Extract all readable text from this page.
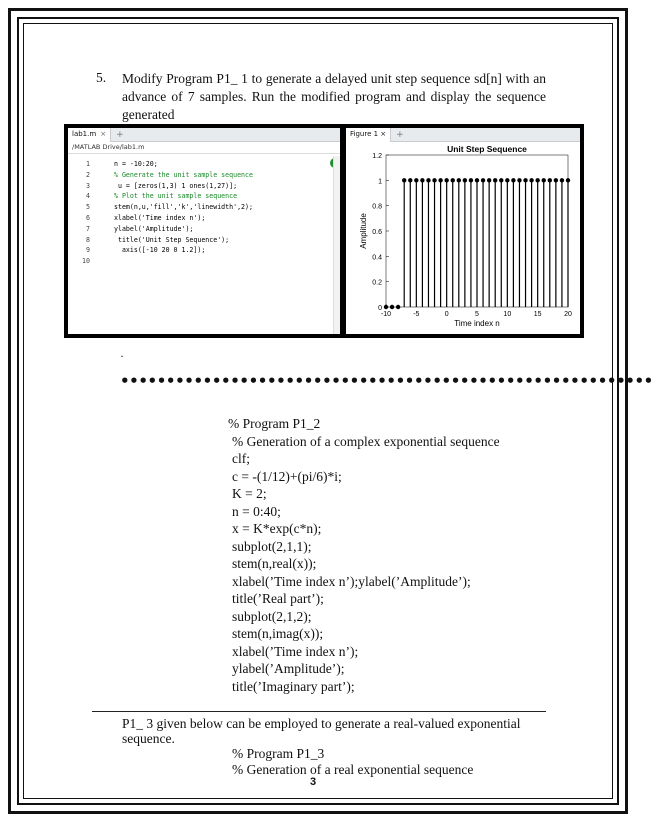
5. Modify Program P1_ 1 to generate a delayed unit step sequence sd[n] with an advance of 7 samples. Run the modified program and display the sequence generated
lab1.m ×	+
/MATLAB Drive/lab1.m
1	n = -10:20;
2	% Generate the unit sample sequence
3	u = [zeros(1,3) 1 ones(1,27)];
4	% Plot the unit sample sequence
5	stem(n,u,'fill','k','linewidth',2);
6	xlabel('Time index n');
7	ylabel('Amplitude');
8	title('Unit Step Sequence');
9	axis([-10 20 0 1.2]);
10
Figure 1 ×	+
Unit Step Sequence
0
0.2
0.4
0.6
0.8
1
1.2
-10	-5	0	5	10	15	20
Time index n
Amplitude
·
••••••••••••••••••••••••••••••••••••••••••••••••••••••••••
% Program P1_2
% Generation of a complex exponential sequence
clf;
c = -(1/12)+(pi/6)*i;
K = 2;
n = 0:40;
x = K*exp(c*n);
subplot(2,1,1);
stem(n,real(x));
xlabel(’Time index n’);ylabel(’Amplitude’);
title(’Real part’);
subplot(2,1,2);
stem(n,imag(x));
xlabel(’Time index n’);
ylabel(’Amplitude’);
title(’Imaginary part’);
P1_ 3 given below can be employed to generate a real-valued exponential sequence.
% Program P1_3
% Generation of a real exponential sequence
3
